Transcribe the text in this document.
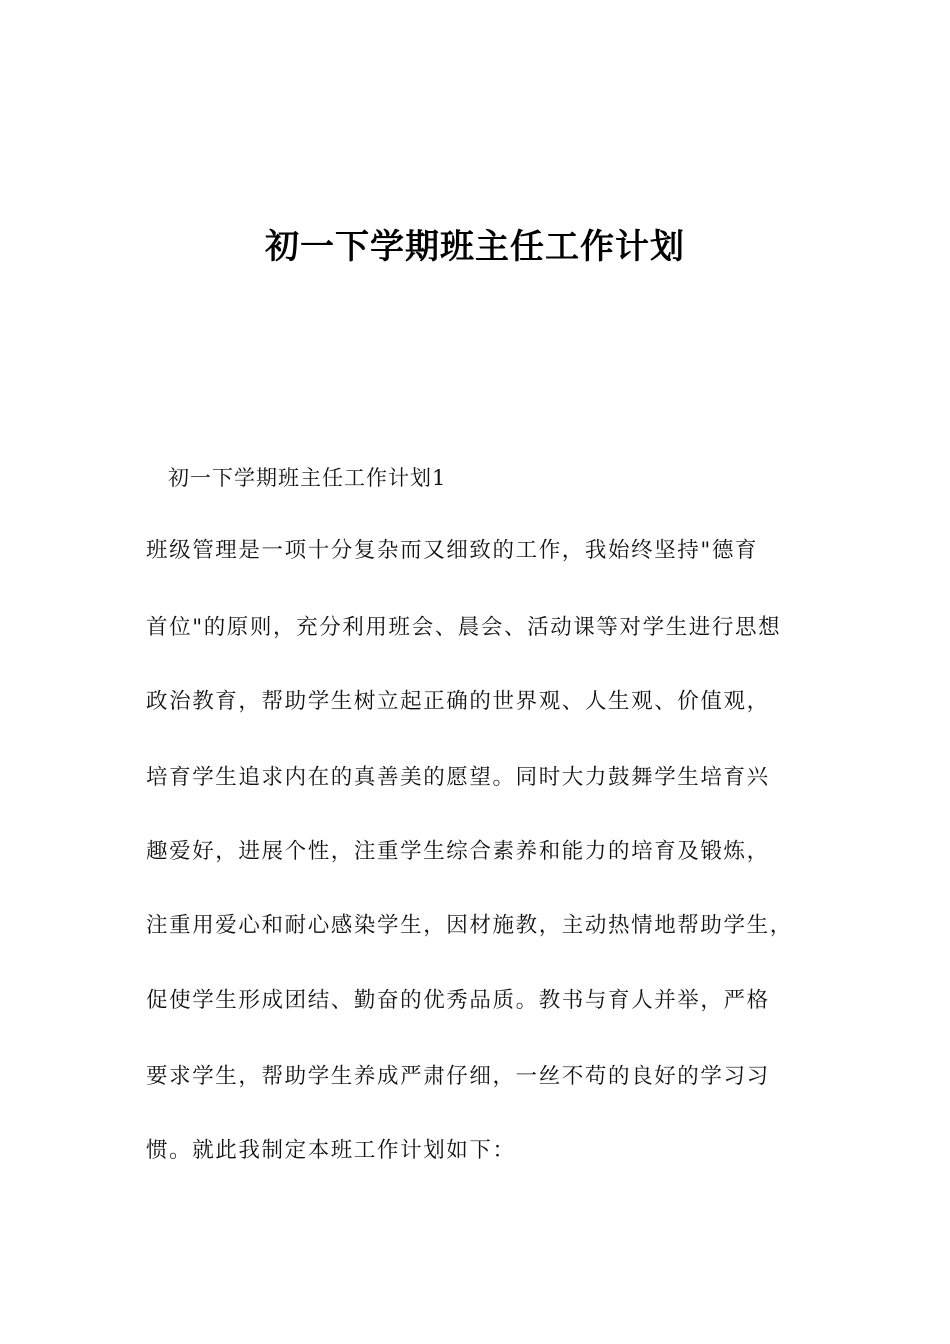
初一下学期班主任工作计划
初一下学期班主任工作计划1
班级管理是一项十分复杂而又细致的工作，我始终坚持"德育
首位"的原则，充分利用班会、晨会、活动课等对学生进行思想
政治教育，帮助学生树立起正确的世界观、人生观、价值观，
培育学生追求内在的真善美的愿望。同时大力鼓舞学生培育兴
趣爱好，进展个性，注重学生综合素养和能力的培育及锻炼，
注重用爱心和耐心感染学生，因材施教，主动热情地帮助学生，
促使学生形成团结、勤奋的优秀品质。教书与育人并举，严格
要求学生，帮助学生养成严肃仔细，一丝不苟的良好的学习习
惯。就此我制定本班工作计划如下：
